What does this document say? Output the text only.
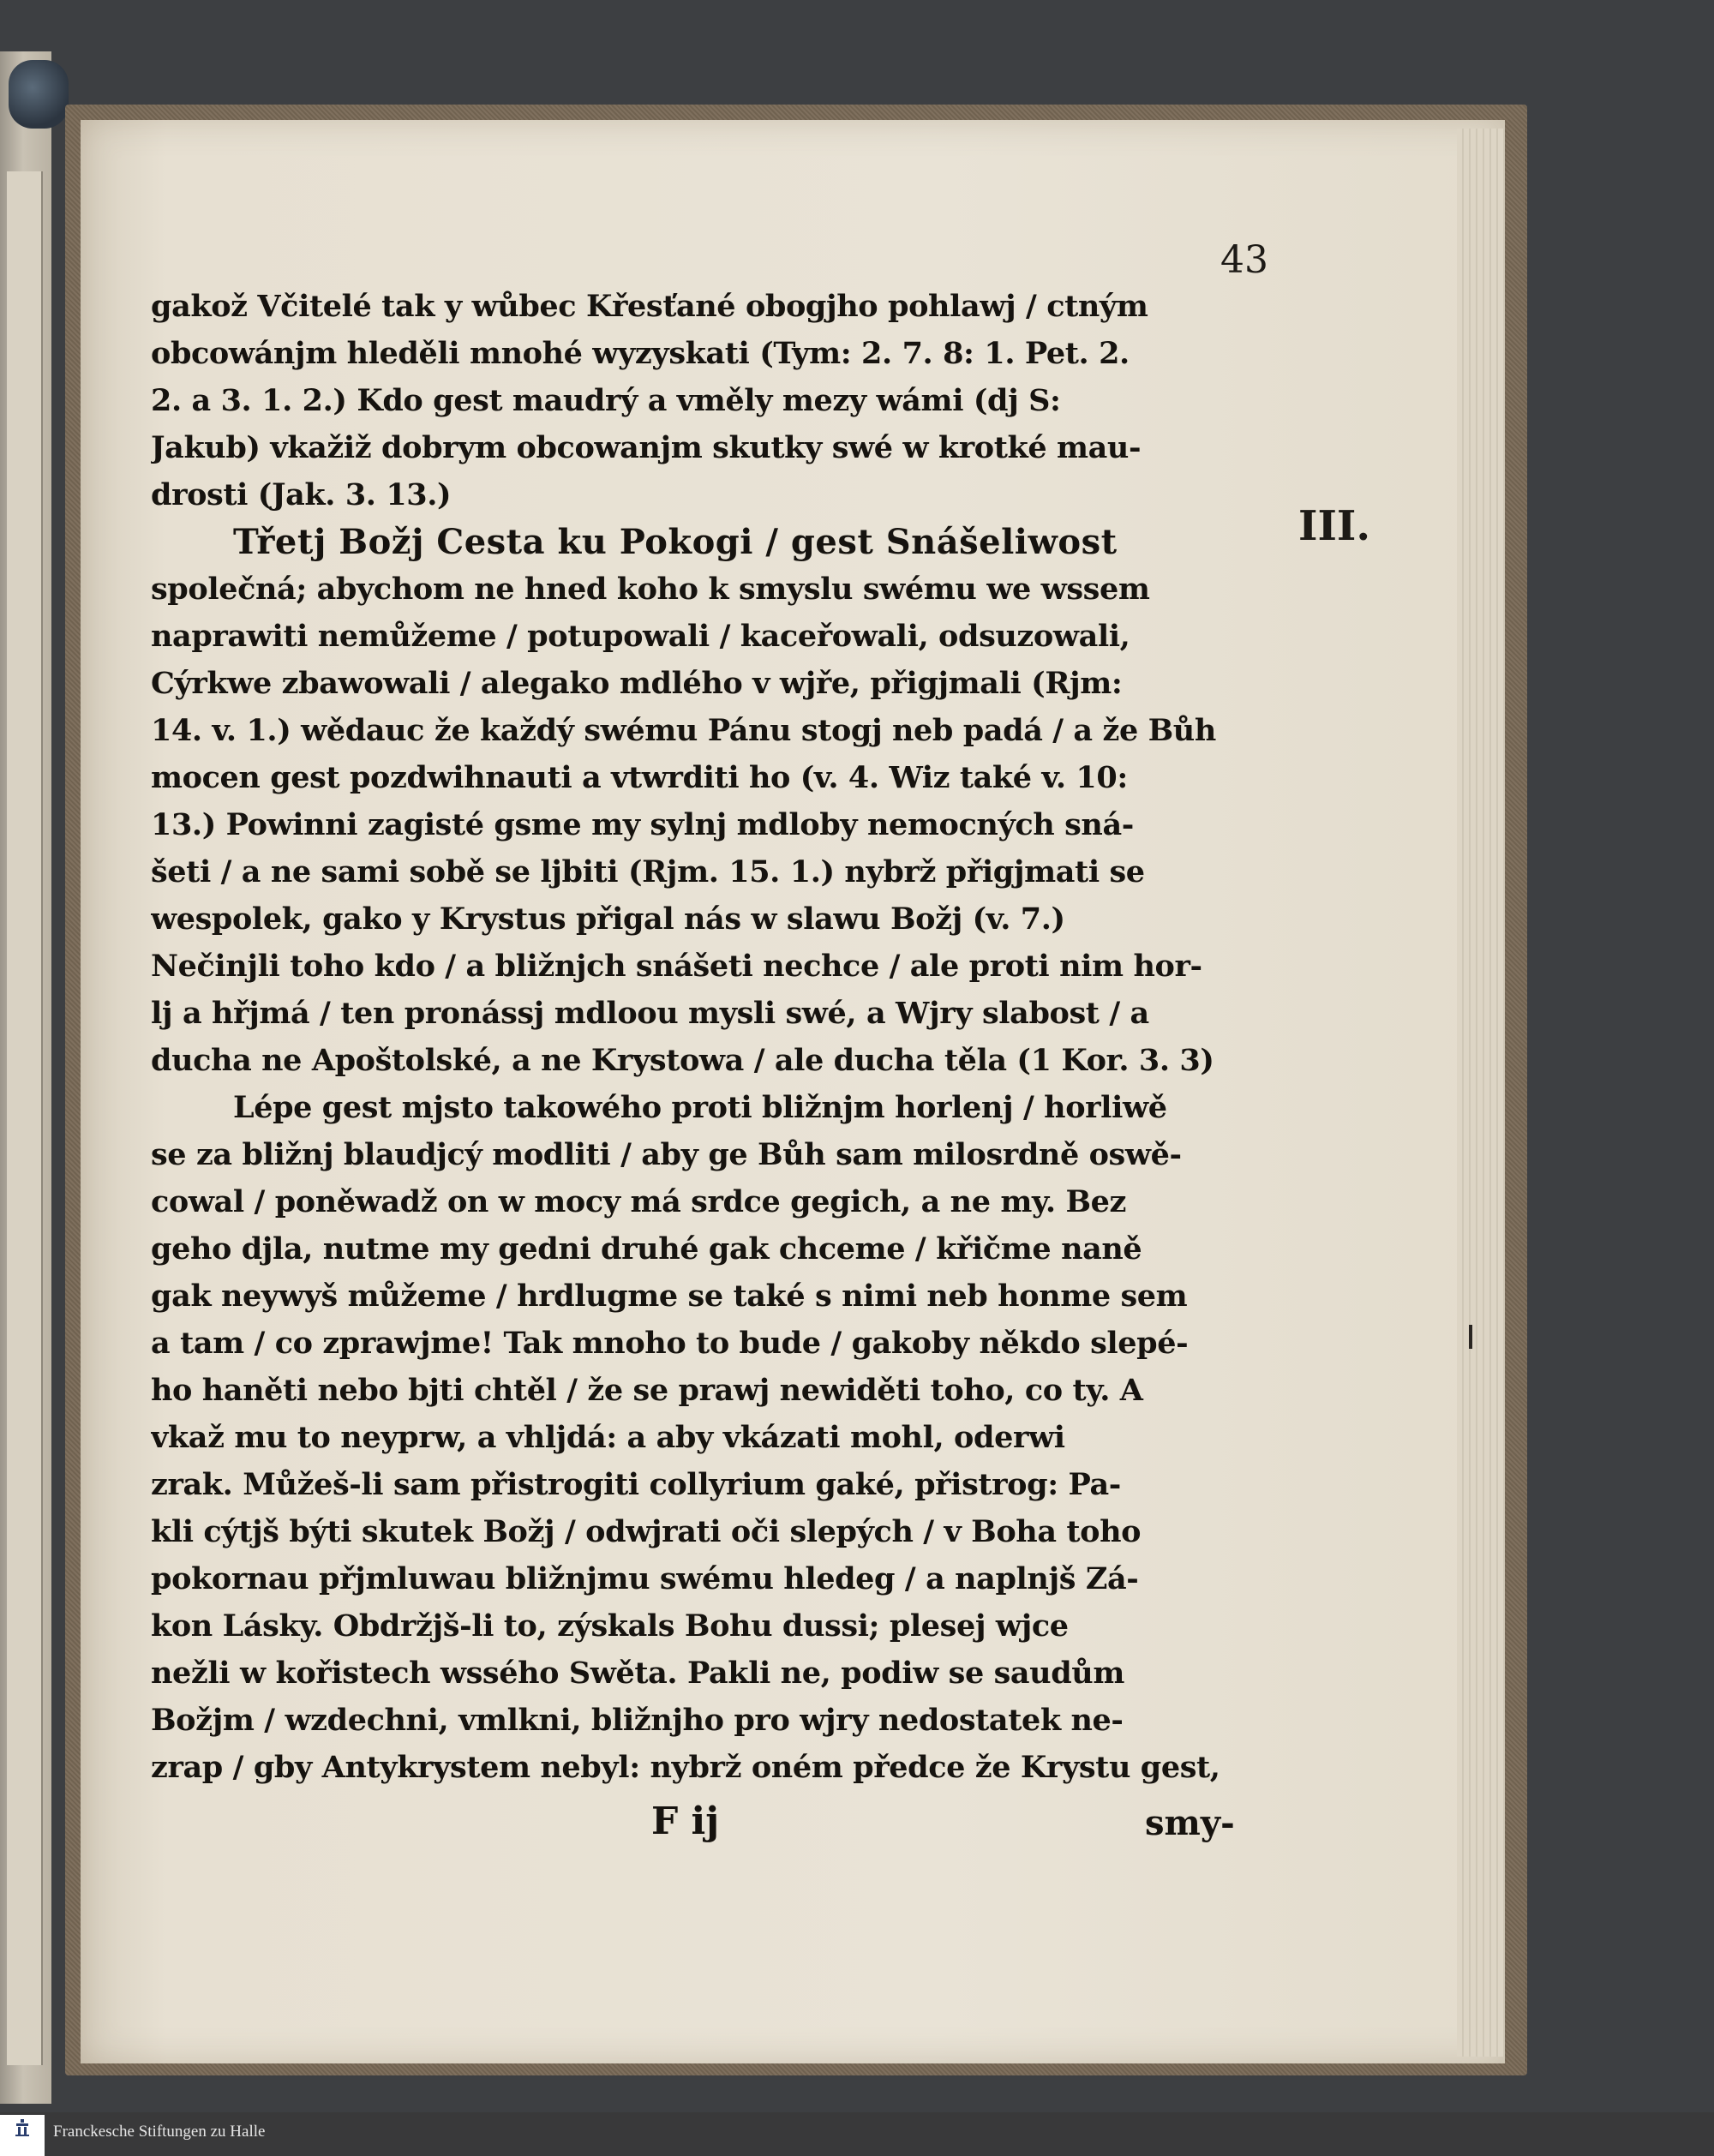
43
III.
gakož Včitelé tak y wůbec Křesťané obogjho pohlawj / ctným
obcowánjm hleděli mnohé wyzyskati (Tym: 2. 7. 8: 1. Pet. 2.
2. a 3. 1. 2.) Kdo gest maudrý a vměly mezy wámi (dj S:
Jakub) vkažiž dobrym obcowanjm skutky swé w krotké mau-
drosti (Jak. 3. 13.)
Třetj Božj Cesta ku Pokogi / gest Snášeliwost
společná; abychom ne hned koho k smyslu swému we wssem
naprawiti nemůžeme / potupowali / kaceřowali, odsuzowali,
Cýrkwe zbawowali / alegako mdlého v wjře, přigjmali (Rjm:
14. v. 1.) wědauc že každý swému Pánu stogj neb padá / a že Bůh
mocen gest pozdwihnauti a vtwrditi ho (v. 4. Wiz také v. 10:
13.) Powinni zagisté gsme my sylnj mdloby nemocných sná-
šeti / a ne sami sobě se ljbiti (Rjm. 15. 1.) nybrž přigjmati se
wespolek, gako y Krystus přigal nás w slawu Božj (v. 7.)
Nečinjli toho kdo / a bližnjch snášeti nechce / ale proti nim hor-
lj a hřjmá / ten pronássj mdloou mysli swé, a Wjry slabost / a
ducha ne Apoštolské, a ne Krystowa / ale ducha těla (1 Kor. 3. 3)
Lépe gest mjsto takowého proti bližnjm horlenj / horliwě
se za bližnj blaudjcý modliti / aby ge Bůh sam milosrdně oswě-
cowal / poněwadž on w mocy má srdce gegich, a ne my. Bez
geho djla, nutme my gedni druhé gak chceme / křičme naně
gak neywyš můžeme / hrdlugme se také s nimi neb honme sem
a tam / co zprawjme! Tak mnoho to bude / gakoby někdo slepé-
ho haněti nebo bjti chtěl / že se prawj newiděti toho, co ty. A
vkaž mu to neyprw, a vhljdá: a aby vkázati mohl, oderwi
zrak. Můžeš-li sam přistrogiti collyrium gaké, přistrog: Pa-
kli cýtjš býti skutek Božj / odwjrati oči slepých / v Boha toho
pokornau přjmluwau bližnjmu swému hledeg / a naplnjš Zá-
kon Lásky. Obdržjš-li to, zýskals Bohu dussi; plesej wjce
nežli w kořistech wssého Swěta. Pakli ne, podiw se saudům
Božjm / wzdechni, vmlkni, bližnjho pro wjry nedostatek ne-
zrap / gby Antykrystem nebyl: nybrž oném předce že Krystu gest,
F ij	smy-
Franckesche Stiftungen zu Halle
